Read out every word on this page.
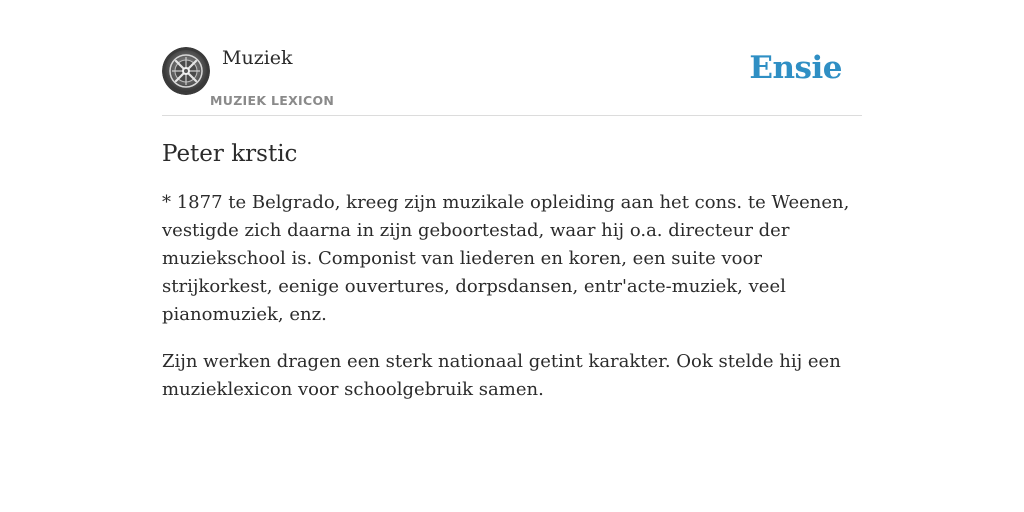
Muziek
MUZIEK LEXICON
Ensie
Peter krstic

* 1877 te Belgrado, kreeg zijn muzikale opleiding aan het cons. te Weenen, vestigde zich daarna in zijn geboortestad, waar hij o.a. directeur der muziekschool is. Componist van liederen en koren, een suite voor strijkorkest, eenige ouvertures, dorpsdansen, entr'acte-muziek, veel pianomuziek, enz.

Zijn werken dragen een sterk nationaal getint karakter. Ook stelde hij een muzieklexicon voor schoolgebruik samen.
